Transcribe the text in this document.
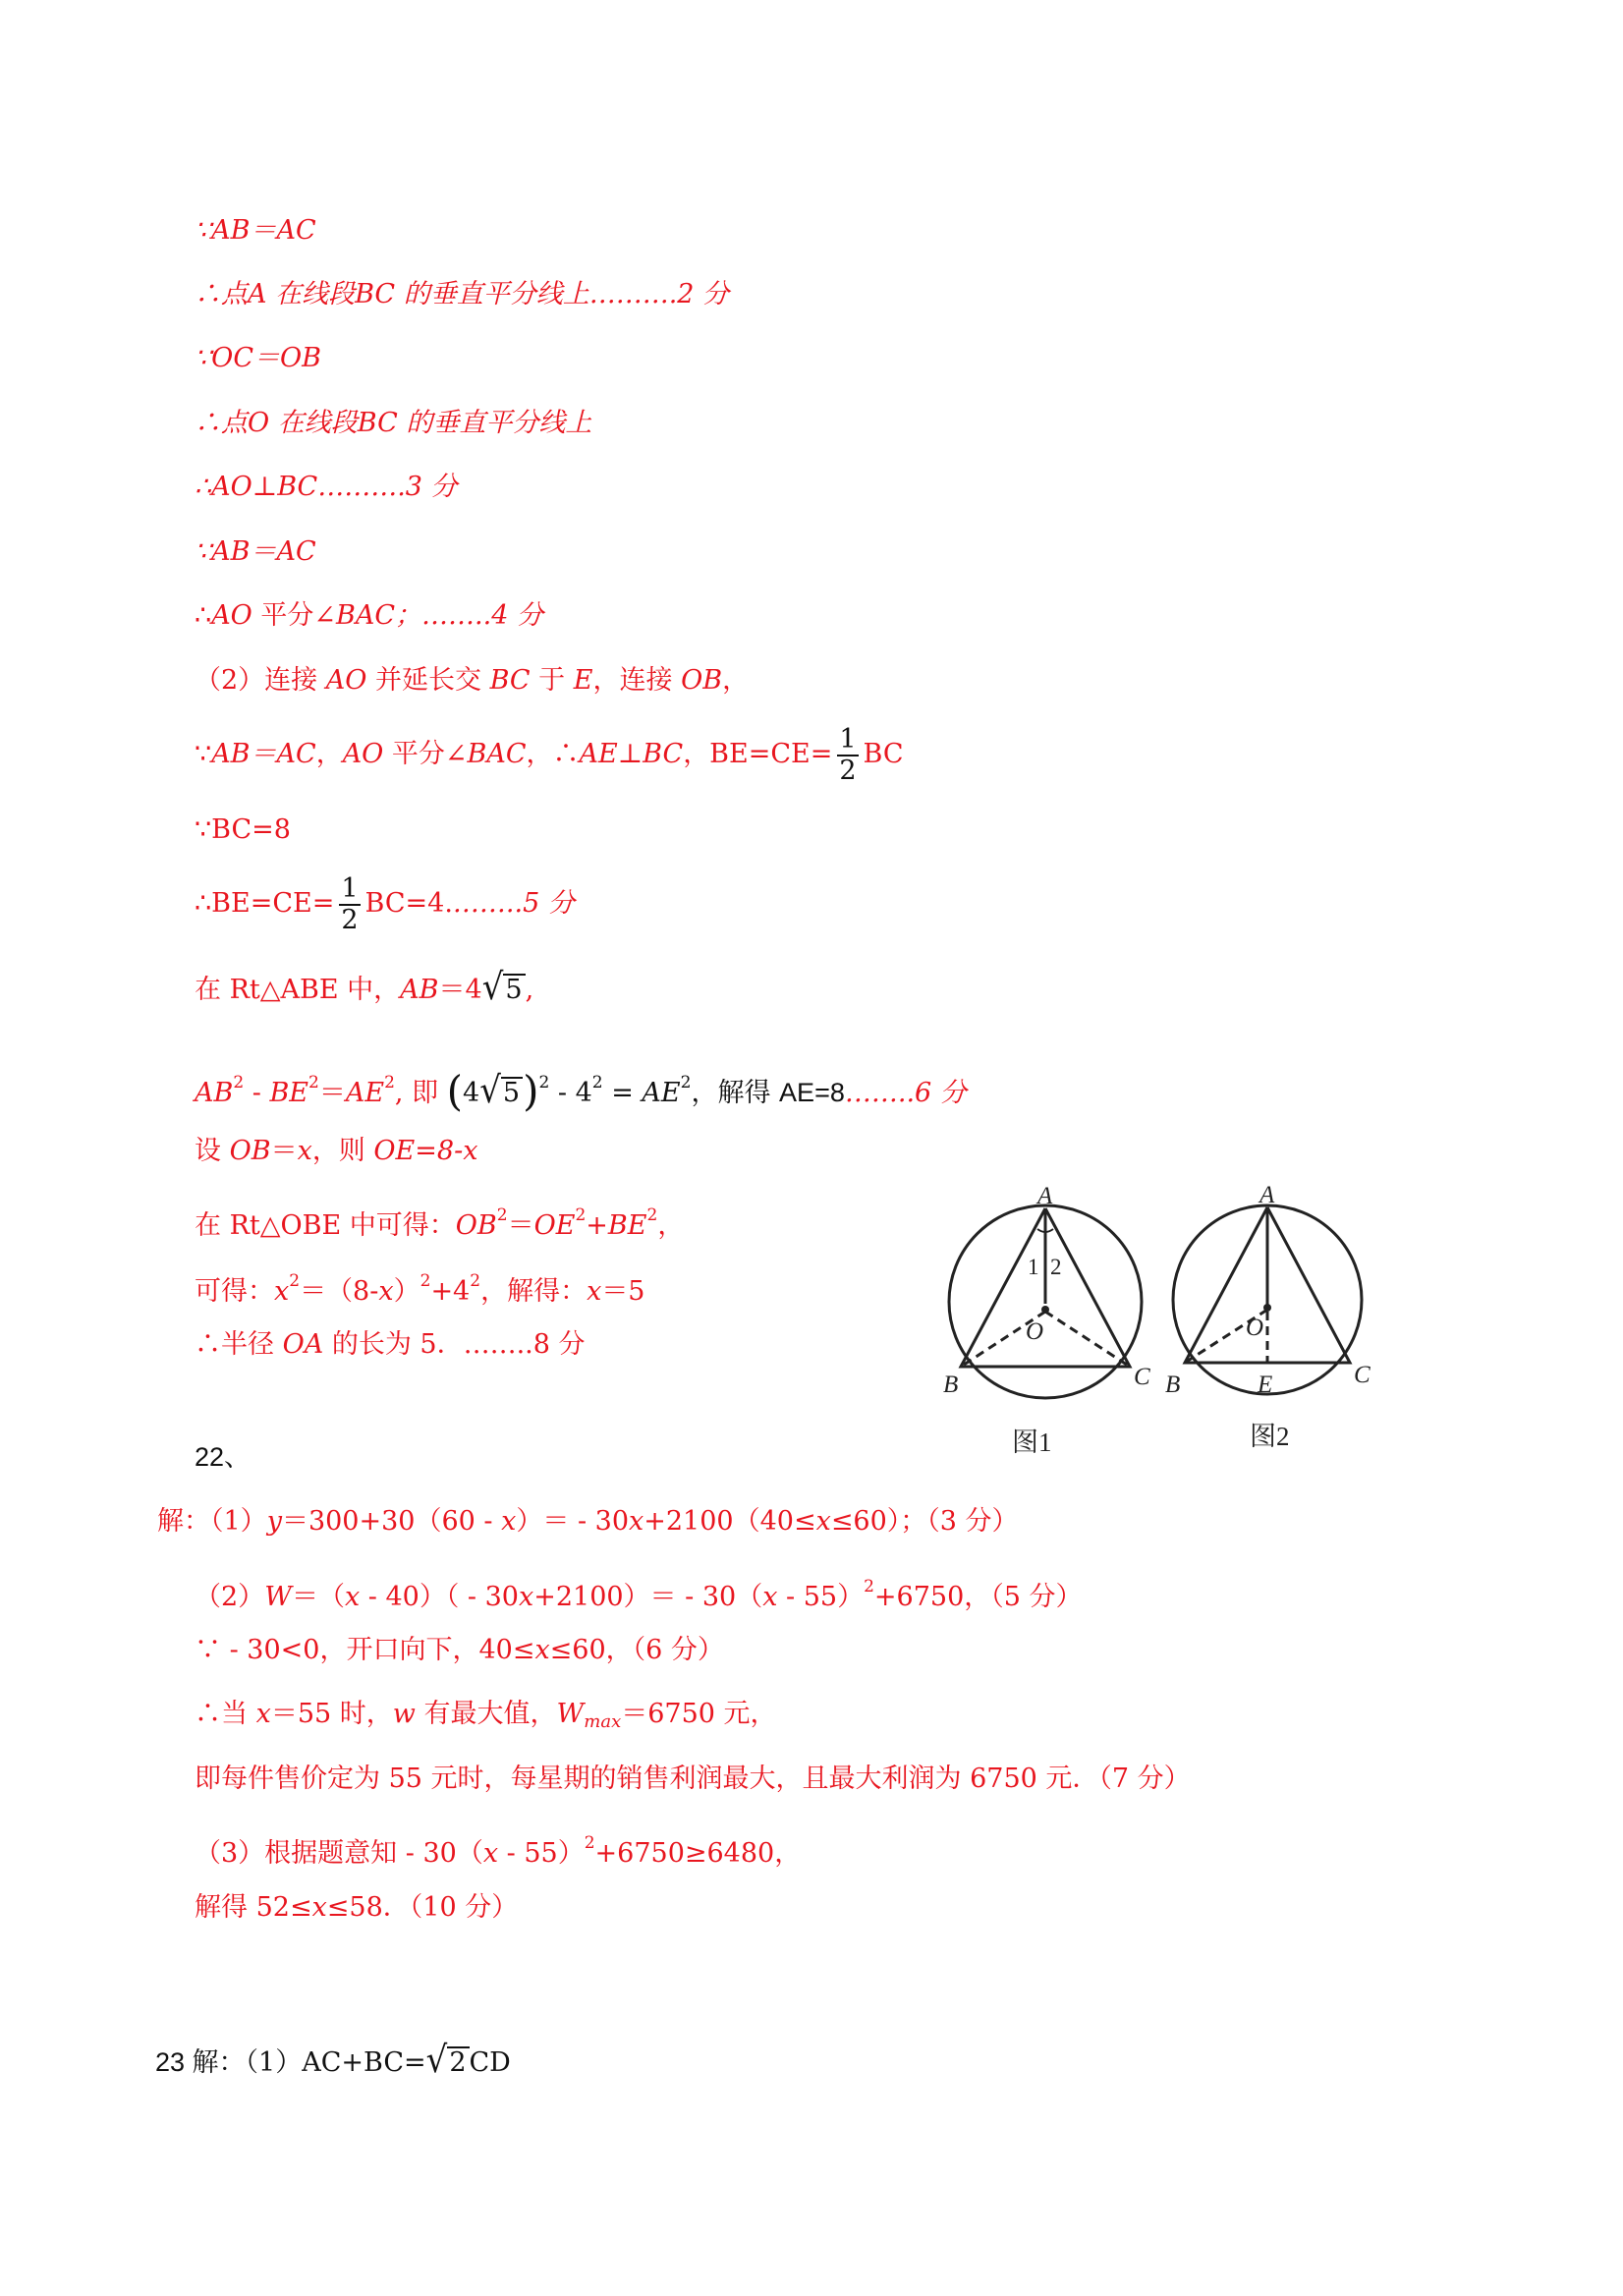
∵AB＝AC
∴点A 在线段BC 的垂直平分线上……….2 分
∵OC＝OB
∴点O 在线段BC 的垂直平分线上
∴AO⊥BC……….3 分
∵AB＝AC
∴AO 平分∠BAC；……..4 分
（2）连接 AO 并延长交 BC 于 E，连接 OB，
∵AB＝AC，AO 平分∠BAC，∴AE⊥BC，$BE=CE= \frac{1}{2}$ BC
∵BC=8
∴BE=CE= $\frac{1}{2}$ BC=4.……..5 分
在 Rt△ABE 中，AB＝4√5 ,
$AB^2 - BE^2=AE^2$, 即 $(4√5)^2 - 4^2 = AE^2$，解得 AE=8……..6 分
设 OB＝x，则 OE=8-x
在 Rt△OBE 中可得：$OB^2=OE^2+BE^2$，
可得：$x^2=(8-x)^2+4^2$，解得：x＝5
∴半径 OA 的长为 5．……..8 分
A
B	C
O
1 2
图1
A
B	C
O
E
图2
22、
解：（1）y＝300+30（60 - x）＝ - 30x+2100（40≤x≤60）；（3 分）
（2）W＝（x - 40）（ - 30x+2100）＝ - 30（x - 55）$^2$+6750，（5 分）
∵ - 30<0，开口向下，40≤x≤60，（6 分）
∴当 x＝55 时，w 有最大值，$W_{max}=6750$ 元，
即每件售价定为 55 元时，每星期的销售利润最大，且最大利润为 6750 元．（7 分）
（3）根据题意知 - 30（x - 55）$^2$+6750≥6480，
解得 52≤x≤58．（10 分）
23 解：（1）AC+BC=√2 CD
